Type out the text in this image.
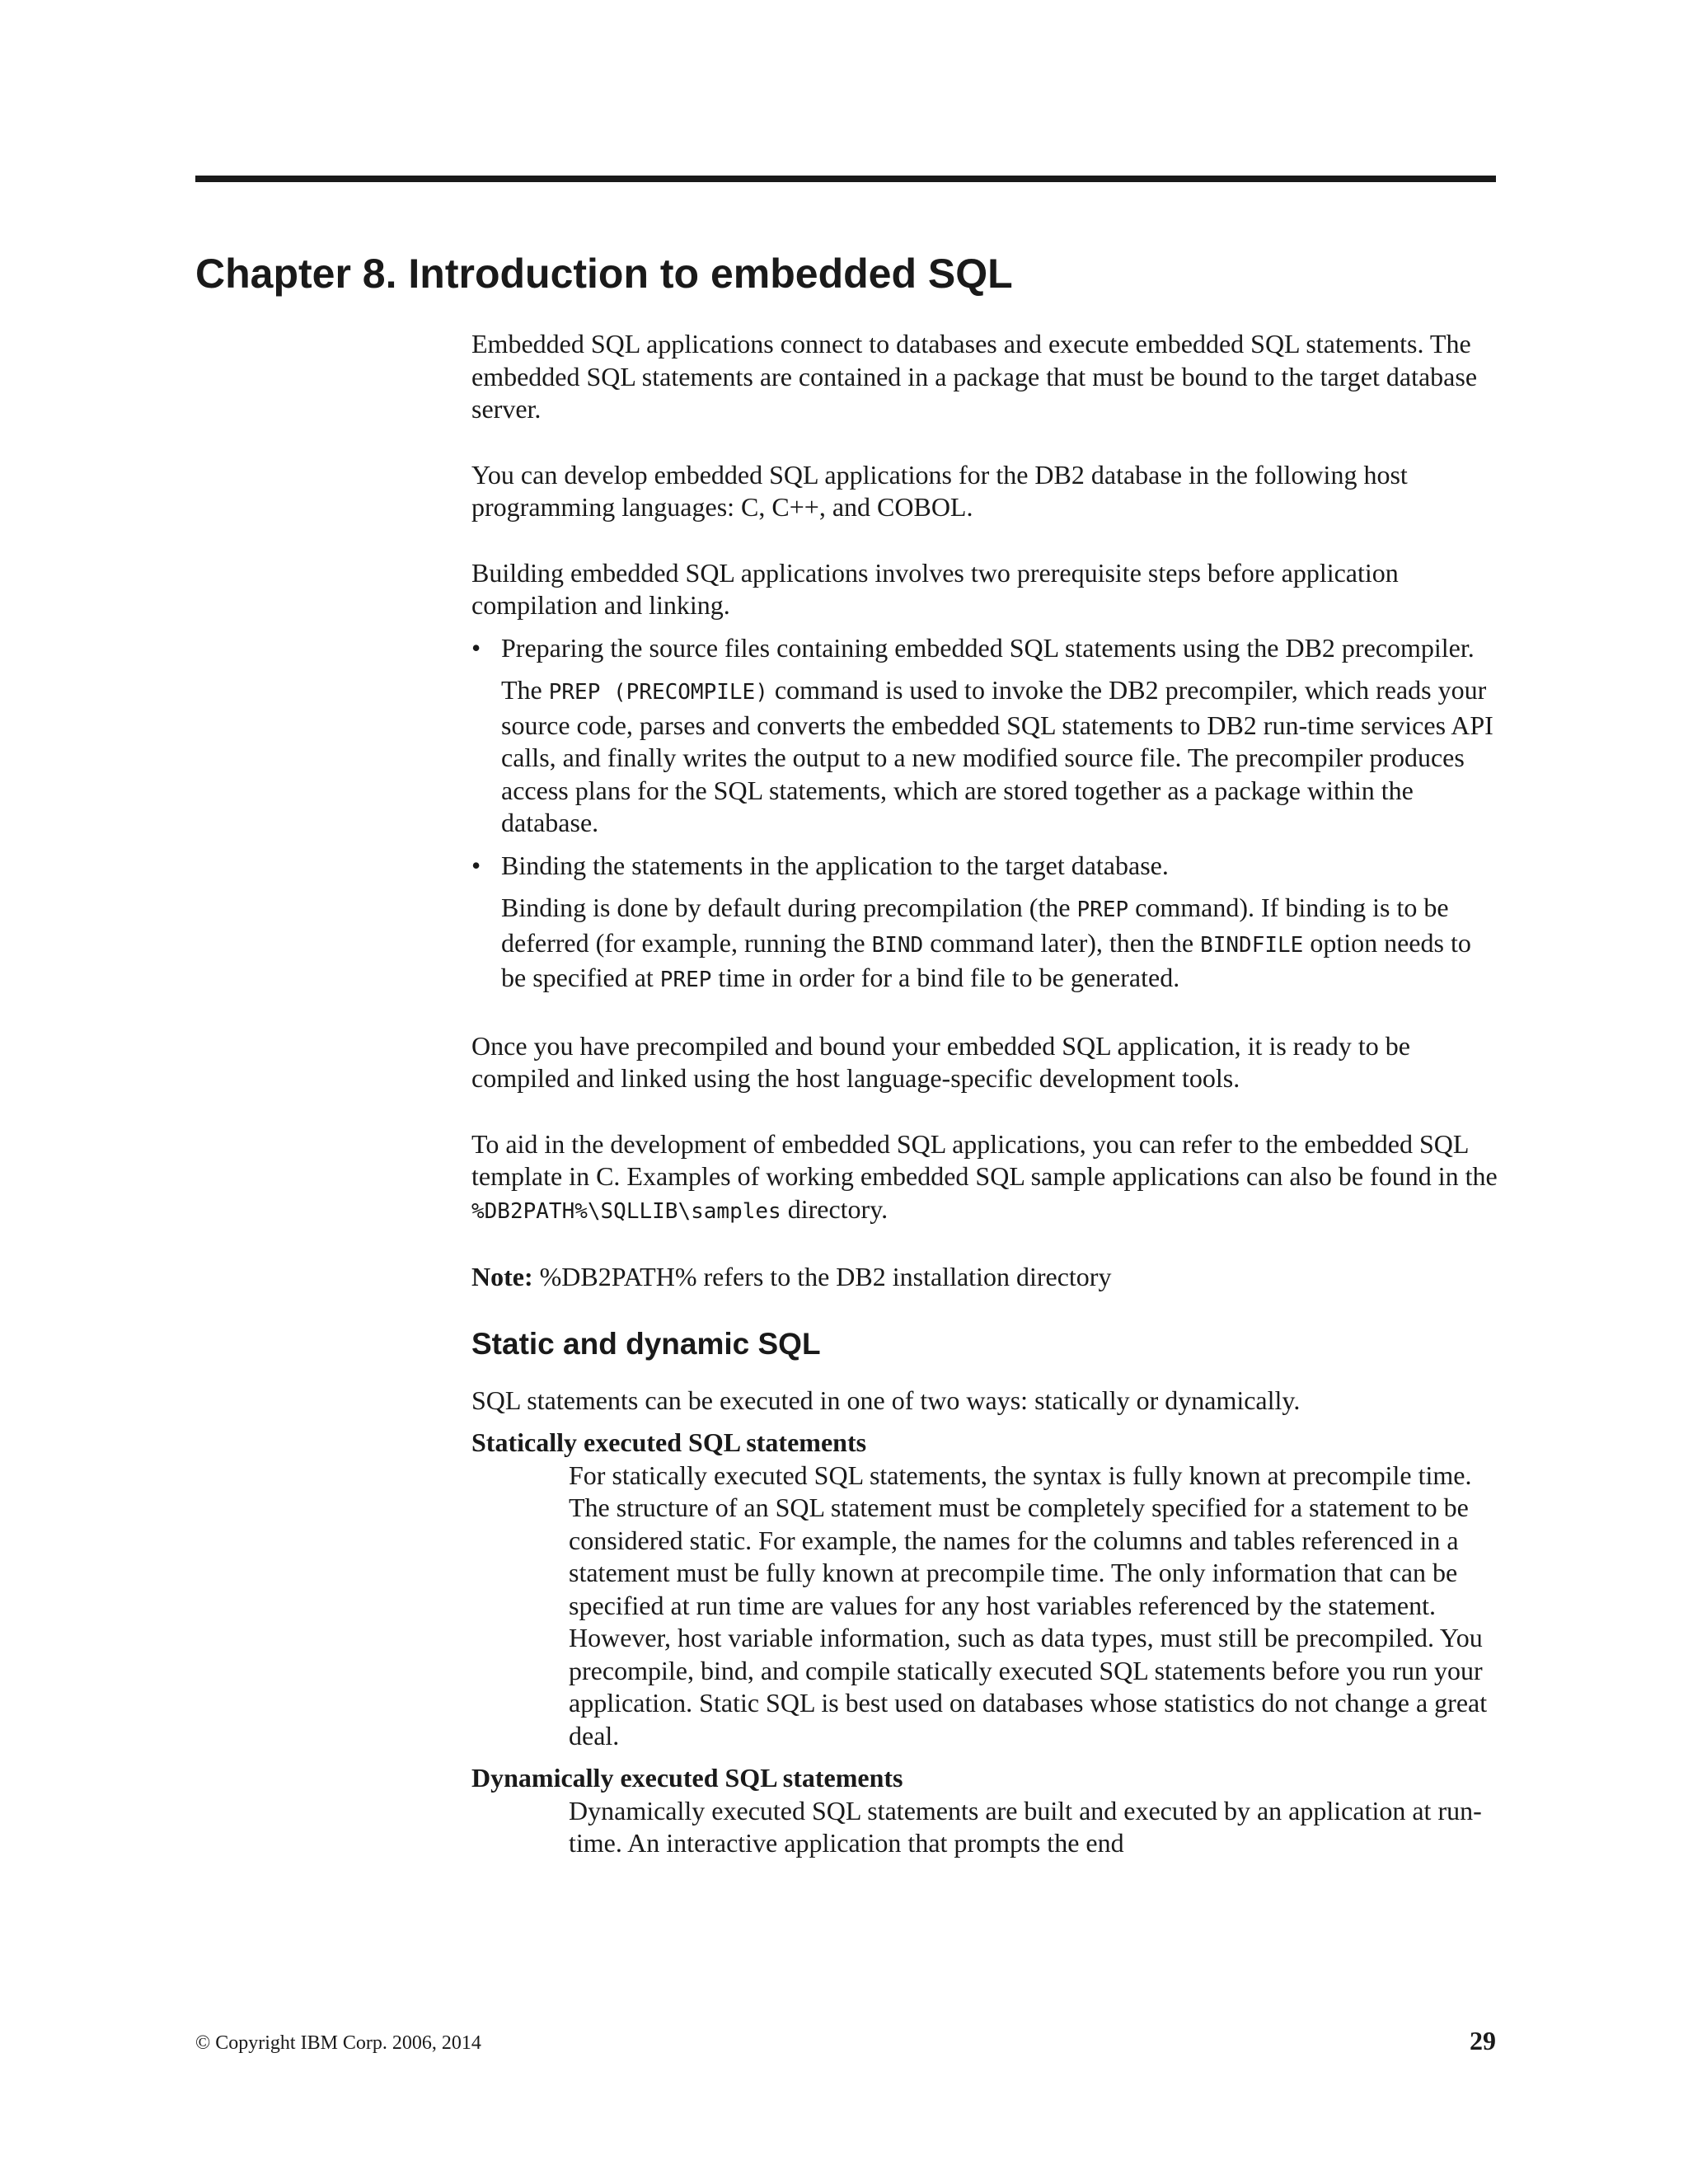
Chapter 8. Introduction to embedded SQL

Embedded SQL applications connect to databases and execute embedded SQL statements. The embedded SQL statements are contained in a package that must be bound to the target database server.

You can develop embedded SQL applications for the DB2 database in the following host programming languages: C, C++, and COBOL.

Building embedded SQL applications involves two prerequisite steps before application compilation and linking.

• Preparing the source files containing embedded SQL statements using the DB2 precompiler.

The PREP (PRECOMPILE) command is used to invoke the DB2 precompiler, which reads your source code, parses and converts the embedded SQL statements to DB2 run-time services API calls, and finally writes the output to a new modified source file. The precompiler produces access plans for the SQL statements, which are stored together as a package within the database.

• Binding the statements in the application to the target database.

Binding is done by default during precompilation (the PREP command). If binding is to be deferred (for example, running the BIND command later), then the BINDFILE option needs to be specified at PREP time in order for a bind file to be generated.

Once you have precompiled and bound your embedded SQL application, it is ready to be compiled and linked using the host language-specific development tools.

To aid in the development of embedded SQL applications, you can refer to the embedded SQL template in C. Examples of working embedded SQL sample applications can also be found in the %DB2PATH%\SQLLIB\samples directory.

Note: %DB2PATH% refers to the DB2 installation directory

Static and dynamic SQL

SQL statements can be executed in one of two ways: statically or dynamically.

Statically executed SQL statements

For statically executed SQL statements, the syntax is fully known at precompile time. The structure of an SQL statement must be completely specified for a statement to be considered static. For example, the names for the columns and tables referenced in a statement must be fully known at precompile time. The only information that can be specified at run time are values for any host variables referenced by the statement. However, host variable information, such as data types, must still be precompiled. You precompile, bind, and compile statically executed SQL statements before you run your application. Static SQL is best used on databases whose statistics do not change a great deal.

Dynamically executed SQL statements

Dynamically executed SQL statements are built and executed by an application at run-time. An interactive application that prompts the end

© Copyright IBM Corp. 2006, 2014	29
